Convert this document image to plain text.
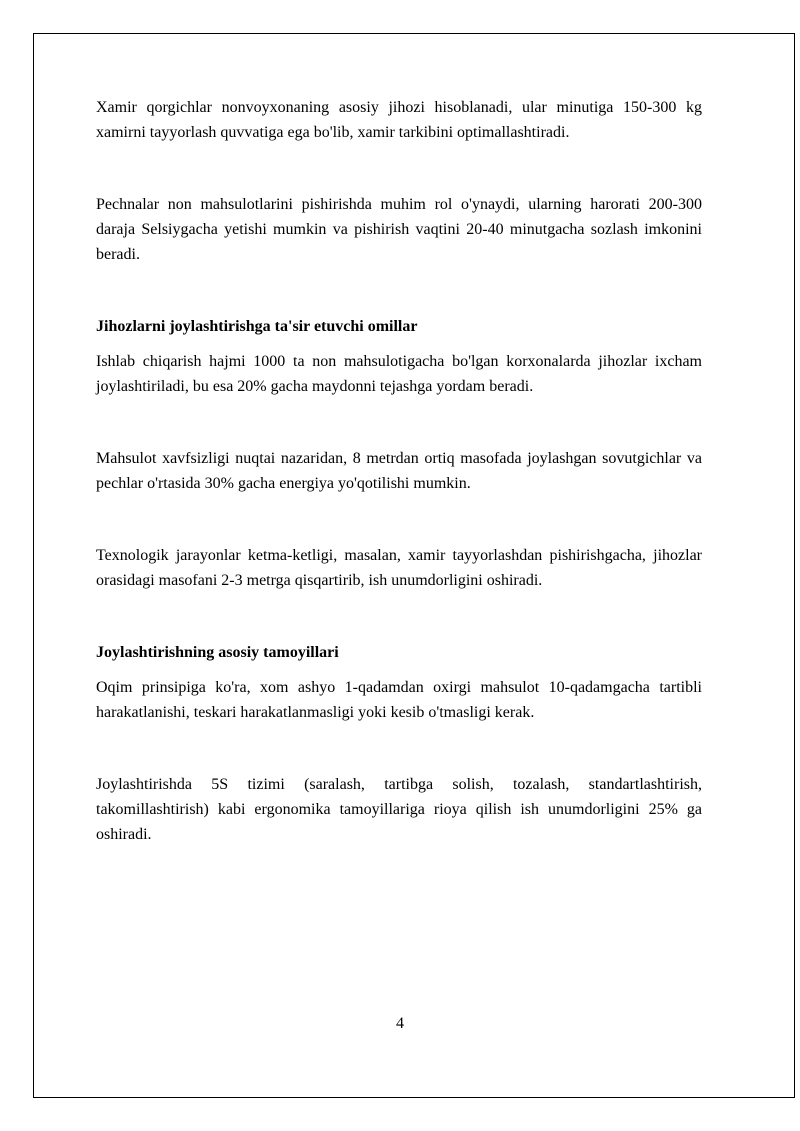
Xamir qorgichlar nonvoyxonaning asosiy jihozi hisoblanadi, ular minutiga 150-300 kg xamirni tayyorlash quvvatiga ega bo'lib, xamir tarkibini optimallashtiradi.

Pechnalar non mahsulotlarini pishirishda muhim rol o'ynaydi, ularning harorati 200-300 daraja Selsiygacha yetishi mumkin va pishirish vaqtini 20-40 minutgacha sozlash imkonini beradi.

Jihozlarni joylashtirishga ta'sir etuvchi omillar

Ishlab chiqarish hajmi 1000 ta non mahsulotigacha bo'lgan korxonalarda jihozlar ixcham joylashtiriladi, bu esa 20% gacha maydonni tejashga yordam beradi.

Mahsulot xavfsizligi nuqtai nazaridan, 8 metrdan ortiq masofada joylashgan sovutgichlar va pechlar o'rtasida 30% gacha energiya yo'qotilishi mumkin.

Texnologik jarayonlar ketma-ketligi, masalan, xamir tayyorlashdan pishirishgacha, jihozlar orasidagi masofani 2-3 metrga qisqartirib, ish unumdorligini oshiradi.

Joylashtirishning asosiy tamoyillari

Oqim prinsipiga ko'ra, xom ashyo 1-qadamdan oxirgi mahsulot 10-qadamgacha tartibli harakatlanishi, teskari harakatlanmasligi yoki kesib o'tmasligi kerak.

Joylashtirishda 5S tizimi (saralash, tartibga solish, tozalash, standartlashtirish, takomillashtirish) kabi ergonomika tamoyillariga rioya qilish ish unumdorligini 25% ga oshiradi.

4
